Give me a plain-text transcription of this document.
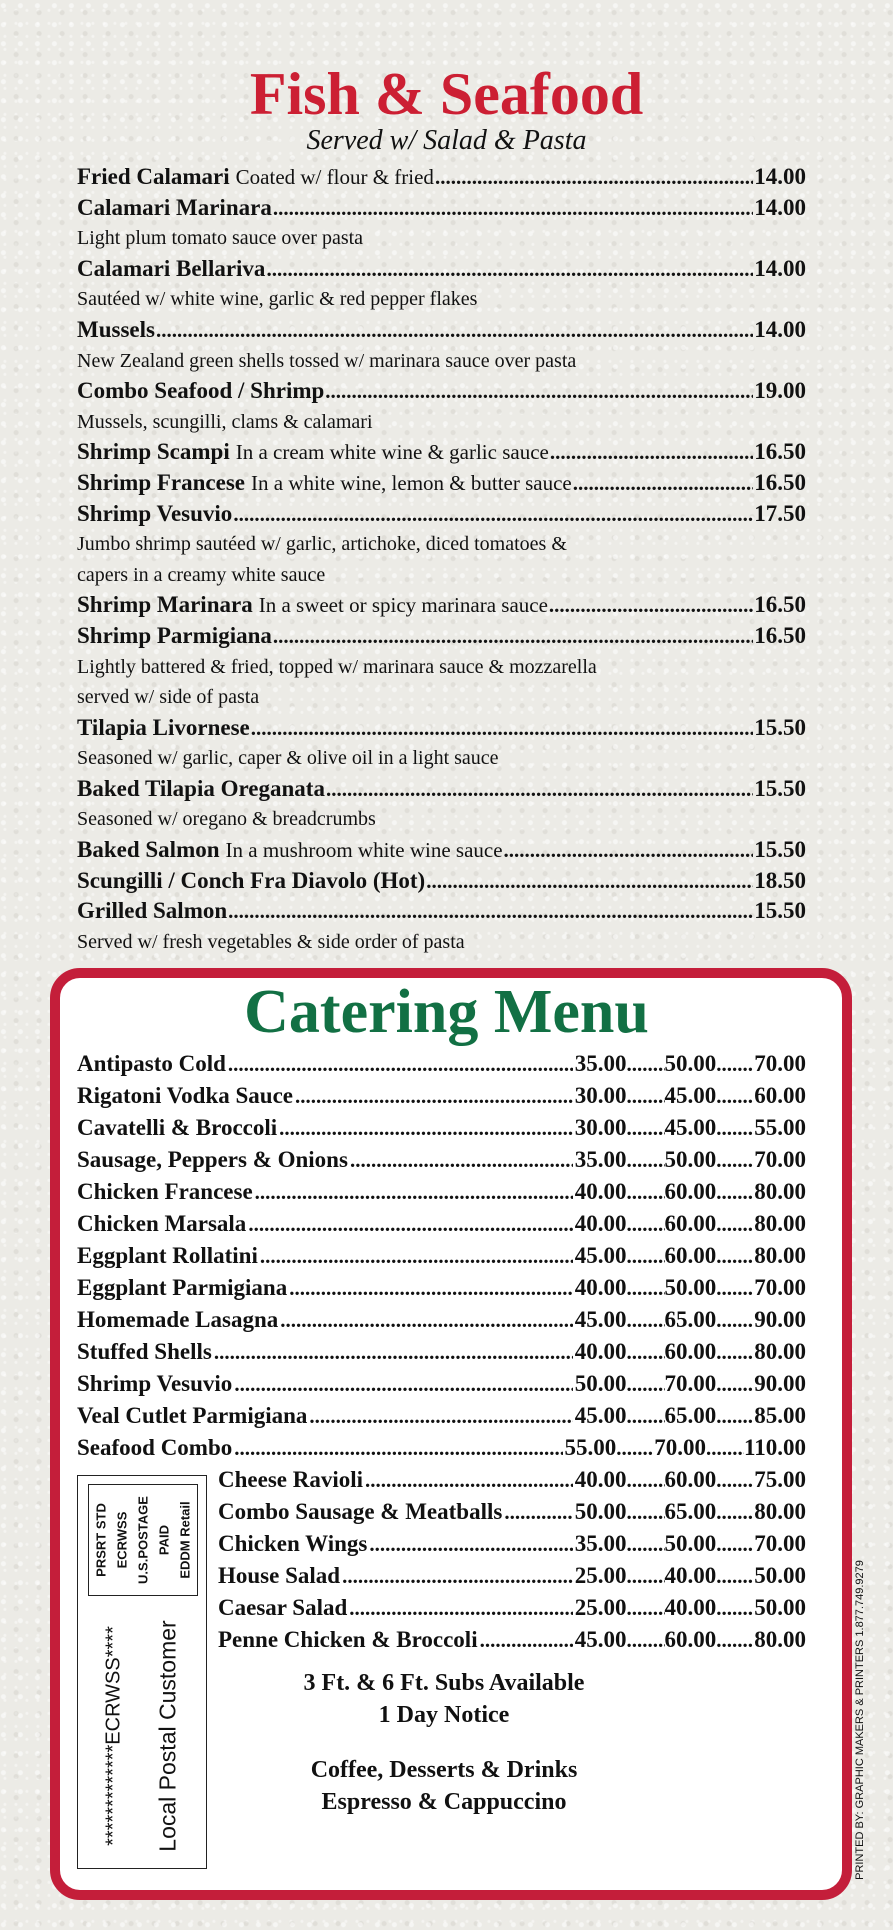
Fish & Seafood
Served w/ Salad & Pasta
Fried Calamari Coated w/ flour & fried .....	14.00
Calamari Marinara .....	14.00
Light plum tomato sauce over pasta
Calamari Bellariva .....	14.00
Sautéed w/ white wine, garlic & red pepper flakes
Mussels .....	14.00
New Zealand green shells tossed w/ marinara sauce over pasta
Combo Seafood / Shrimp .....	19.00
Mussels, scungilli, clams & calamari
Shrimp Scampi In a cream white wine & garlic sauce .....	16.50
Shrimp Francese In a white wine, lemon & butter sauce .....	16.50
Shrimp Vesuvio .....	17.50
Jumbo shrimp sautéed w/ garlic, artichoke, diced tomatoes &
capers in a creamy white sauce
Shrimp Marinara In a sweet or spicy marinara sauce .....	16.50
Shrimp Parmigiana .....	16.50
Lightly battered & fried, topped w/ marinara sauce & mozzarella
served w/ side of pasta
Tilapia Livornese .....	15.50
Seasoned w/ garlic, caper & olive oil in a light sauce
Baked Tilapia Oreganata .....	15.50
Seasoned w/ oregano & breadcrumbs
Baked Salmon In a mushroom white wine sauce .....	15.50
Scungilli / Conch Fra Diavolo (Hot) .....	18.50
Grilled Salmon .....	15.50
Served w/ fresh vegetables & side order of pasta
Catering Menu
Antipasto Cold .....	35.00 ..... 50.00 ..... 70.00
Rigatoni Vodka Sauce .....	30.00 ..... 45.00 ..... 60.00
Cavatelli & Broccoli .....	30.00 ..... 45.00 ..... 55.00
Sausage, Peppers & Onions .....	35.00 ..... 50.00 ..... 70.00
Chicken Francese .....	40.00 ..... 60.00 ..... 80.00
Chicken Marsala .....	40.00 ..... 60.00 ..... 80.00
Eggplant Rollatini .....	45.00 ..... 60.00 ..... 80.00
Eggplant Parmigiana .....	40.00 ..... 50.00 ..... 70.00
Homemade Lasagna .....	45.00 ..... 65.00 ..... 90.00
Stuffed Shells .....	40.00 ..... 60.00 ..... 80.00
Shrimp Vesuvio .....	50.00 ..... 70.00 ..... 90.00
Veal Cutlet Parmigiana .....	45.00 ..... 65.00 ..... 85.00
Seafood Combo .....	55.00 ..... 70.00 ..... 110.00
Cheese Ravioli .....	40.00 ..... 60.00 ..... 75.00
Combo Sausage & Meatballs .....	50.00 ..... 65.00 ..... 80.00
Chicken Wings .....	35.00 ..... 50.00 ..... 70.00
House Salad .....	25.00 ..... 40.00 ..... 50.00
Caesar Salad .....	25.00 ..... 40.00 ..... 50.00
Penne Chicken & Broccoli .....	45.00 ..... 60.00 ..... 80.00
PRSRT STD ECRWSS U.S.POSTAGE PAID EDDM Retail
*************ECRWSS**** Local Postal Customer	3 Ft. & 6 Ft. Subs Available
1 Day Notice
Coffee, Desserts & Drinks
Espresso & Cappuccino	PRINTED BY: GRAPHIC MAKERS & PRINTERS 1.877.749.9279
